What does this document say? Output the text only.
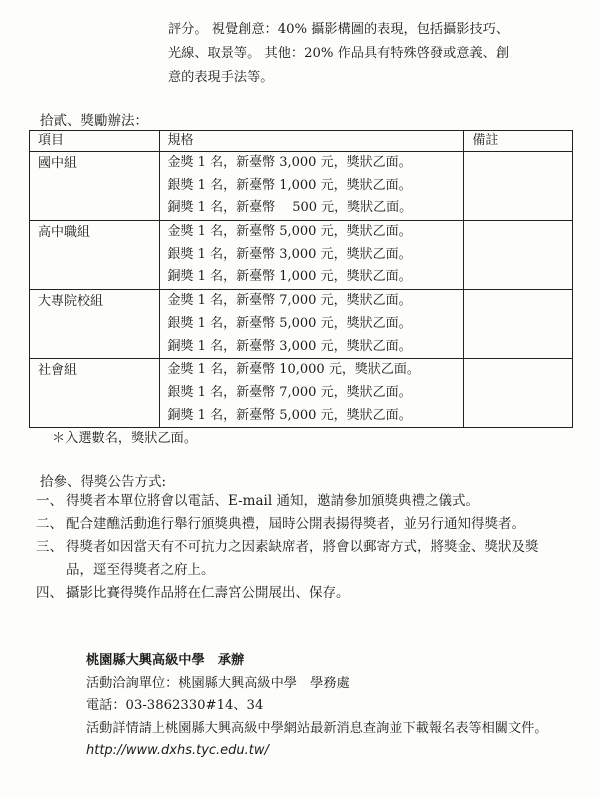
評分。 視覺創意：40% 攝影構圖的表現，包括攝影技巧、

光線、取景等。 其他：20% 作品具有特殊啓發或意義、創

意的表現手法等。

拾貳、獎勵辦法：
項目	規格	備註
國中組	金獎 1 名，新臺幣 3,000 元，獎狀乙面。
銀獎 1 名，新臺幣 1,000 元，獎狀乙面。
銅獎 1 名，新臺幣　 500 元，獎狀乙面。	

高中職組	金獎 1 名，新臺幣 5,000 元，獎狀乙面。
銀獎 1 名，新臺幣 3,000 元，獎狀乙面。
銅獎 1 名，新臺幣 1,000 元，獎狀乙面。	

大專院校組	金獎 1 名，新臺幣 7,000 元，獎狀乙面。
銀獎 1 名，新臺幣 5,000 元，獎狀乙面。
銅獎 1 名，新臺幣 3,000 元，獎狀乙面。	

社會組	金獎 1 名，新臺幣 10,000 元，獎狀乙面。
銀獎 1 名，新臺幣 7,000 元，獎狀乙面。
銅獎 1 名，新臺幣 5,000 元，獎狀乙面。	

＊入選數名，獎狀乙面。
拾參、得獎公告方式:
一、 得獎者本單位將會以電話、E-mail 通知，邀請參加頒獎典禮之儀式。
二、 配合建醮活動進行舉行頒獎典禮，屆時公開表揚得獎者，並另行通知得獎者。
三、 得獎者如因當天有不可抗力之因素缺席者，將會以郵寄方式，將獎金、獎狀及獎品，逕至得獎者之府上。
四、 攝影比賽得獎作品將在仁壽宮公開展出、保存。

桃園縣大興高級中學　承辦

活動洽詢單位：桃園縣大興高級中學　學務處

電話：03-3862330#14、34

活動詳情請上桃園縣大興高級中學網站最新消息查詢並下載報名表等相關文件。

http://www.dxhs.tyc.edu.tw/
